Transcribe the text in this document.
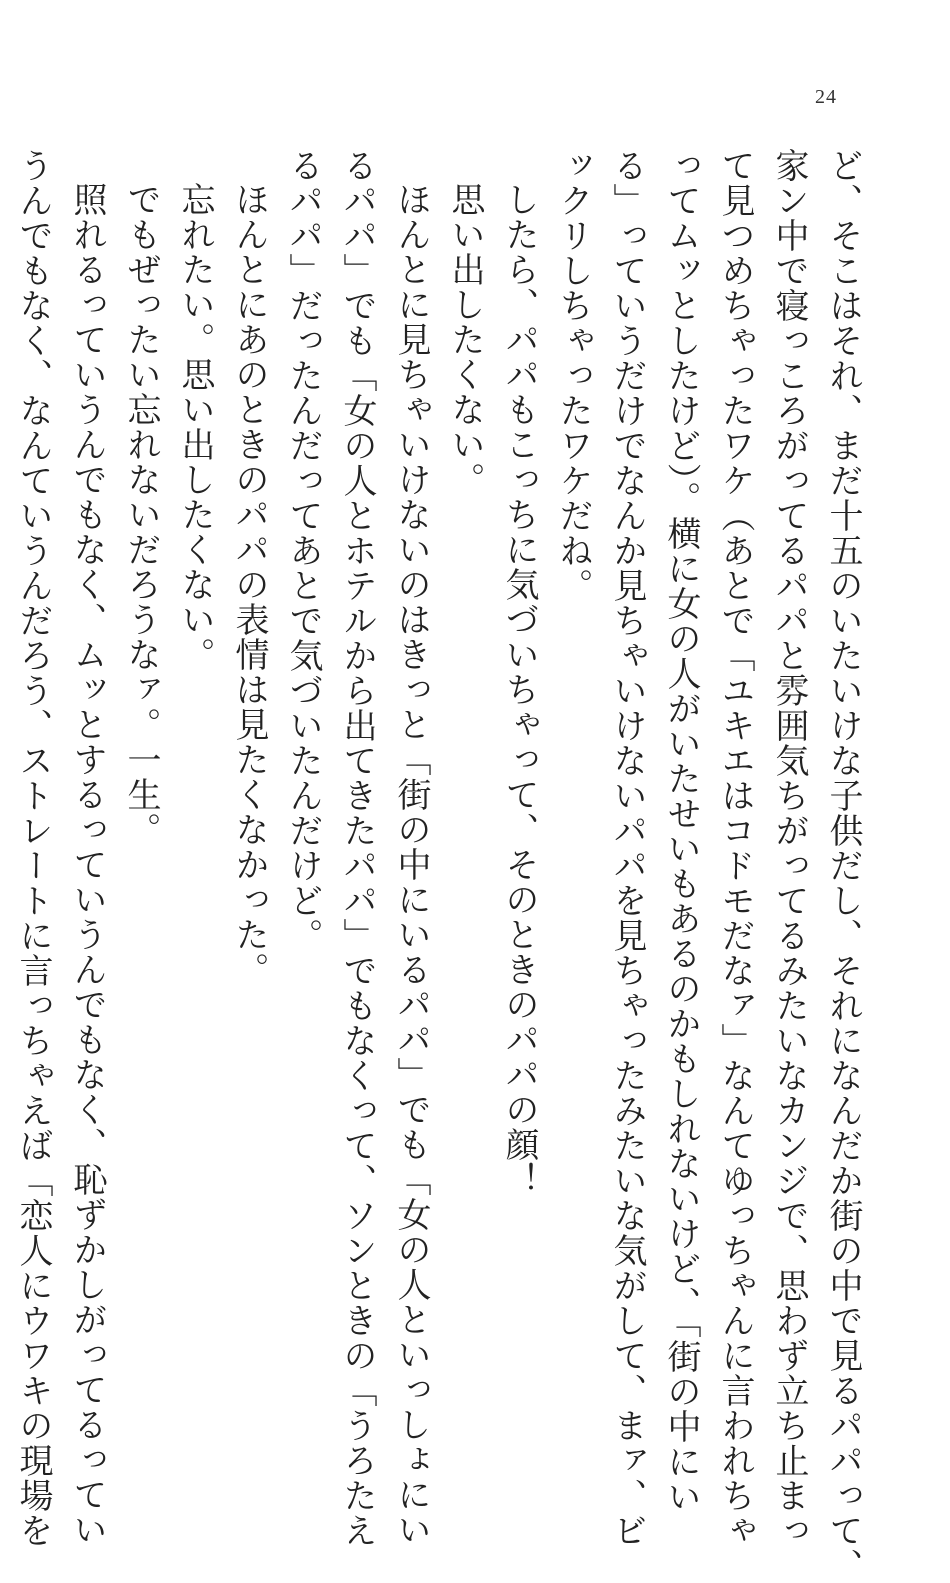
24
ど、そこはそれ、まだ十五のいたいけな子供だし、それになんだか街の中で見るパパって、
家ン中で寝っころがってるパパと雰囲気ちがってるみたいなカンジで、思わず立ち止まっ
て見つめちゃったワケ（あとで「ユキエはコドモだなァ」なんてゆっちゃんに言われちゃ
ってムッとしたけど）。横に女の人がいたせいもあるのかもしれないけど、「街の中にい
る」っていうだけでなんか見ちゃいけないパパを見ちゃったみたいな気がして、まァ、ビ
ックリしちゃったワケだね。
したら、パパもこっちに気づいちゃって、そのときのパパの顔！
思い出したくない。
ほんとに見ちゃいけないのはきっと「街の中にいるパパ」でも「女の人といっしょにい
るパパ」でも「女の人とホテルから出てきたパパ」でもなくって、ソンときの「うろたえ
るパパ」だったんだってあとで気づいたんだけど。
ほんとにあのときのパパの表情は見たくなかった。
忘れたい。思い出したくない。
でもぜったい忘れないだろうなァ。一生。
照れるっていうんでもなく、ムッとするっていうんでもなく、恥ずかしがってるってい
うんでもなく、なんていうんだろう、ストレートに言っちゃえば「恋人にウワキの現場を
